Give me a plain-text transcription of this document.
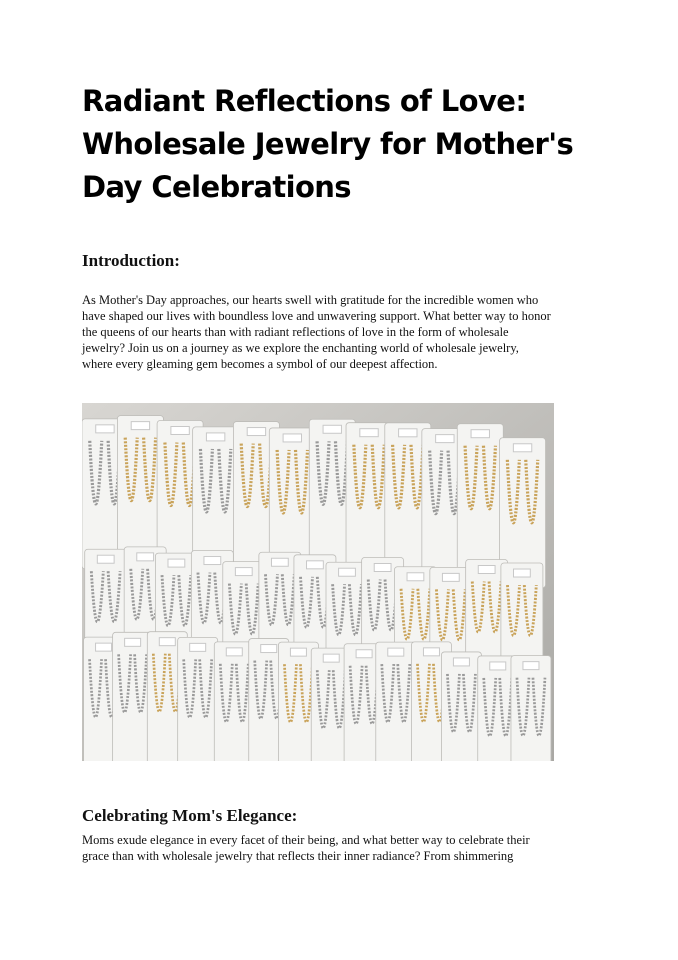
Radiant Reflections of Love:
Wholesale Jewelry for Mother's
Day Celebrations
Introduction:

As Mother's Day approaches, our hearts swell with gratitude for the incredible women who
have shaped our lives with boundless love and unwavering support. What better way to honor
the queens of our hearts than with radiant reflections of love in the form of wholesale
jewelry? Join us on a journey as we explore the enchanting world of wholesale jewelry,
where every gleaming gem becomes a symbol of our deepest affection.

Celebrating Mom's Elegance:

Moms exude elegance in every facet of their being, and what better way to celebrate their
grace than with wholesale jewelry that reflects their inner radiance? From shimmering
